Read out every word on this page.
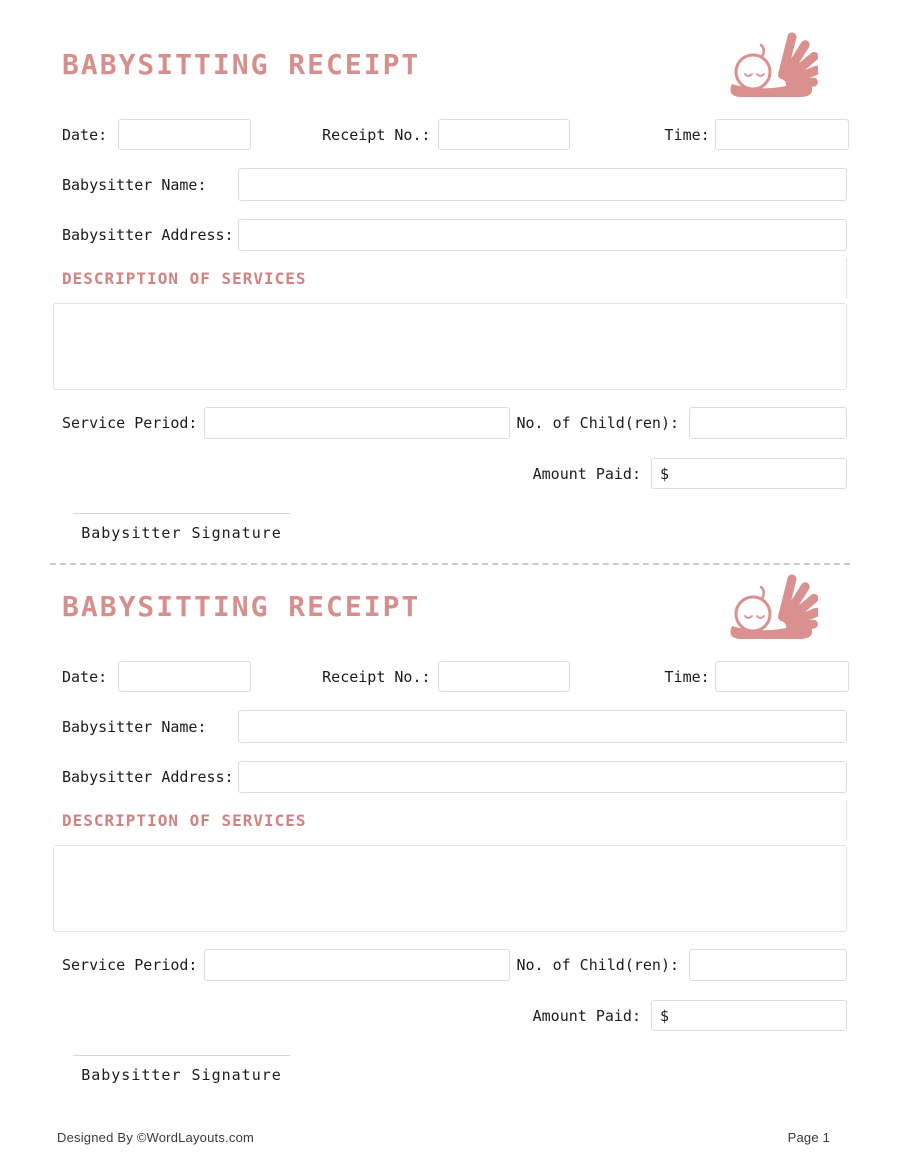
BABYSITTING RECEIPT
Date:	Receipt No.:	Time:
Babysitter Name:
Babysitter Address:
DESCRIPTION OF SERVICES
Service Period:	No. of Child(ren):
Amount Paid:	$
Babysitter Signature
BABYSITTING RECEIPT
Date:	Receipt No.:	Time:
Babysitter Name:
Babysitter Address:
DESCRIPTION OF SERVICES
Service Period:	No. of Child(ren):
Amount Paid:	$
Babysitter Signature
Designed By ©WordLayouts.com	Page 1
